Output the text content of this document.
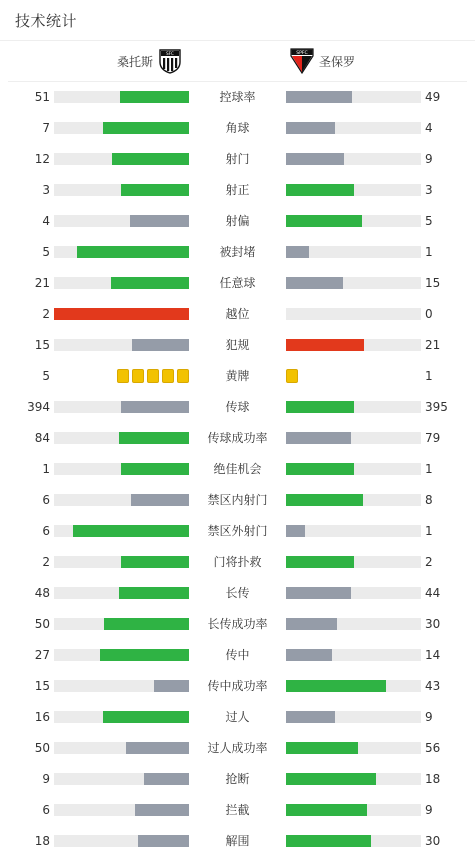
技术统计
桑托斯
SFC	SPFC
圣保罗
51	控球率	49
7	角球	4
12	射门	9
3	射正	3
4	射偏	5
5	被封堵	1
21	任意球	15
2	越位	0
15	犯规	21
5	黄牌	1
394	传球	395
84	传球成功率	79
1	绝佳机会	1
6	禁区内射门	8
6	禁区外射门	1
2	门将扑救	2
48	长传	44
50	长传成功率	30
27	传中	14
15	传中成功率	43
16	过人	9
50	过人成功率	56
9	抢断	18
6	拦截	9
18	解围	30
